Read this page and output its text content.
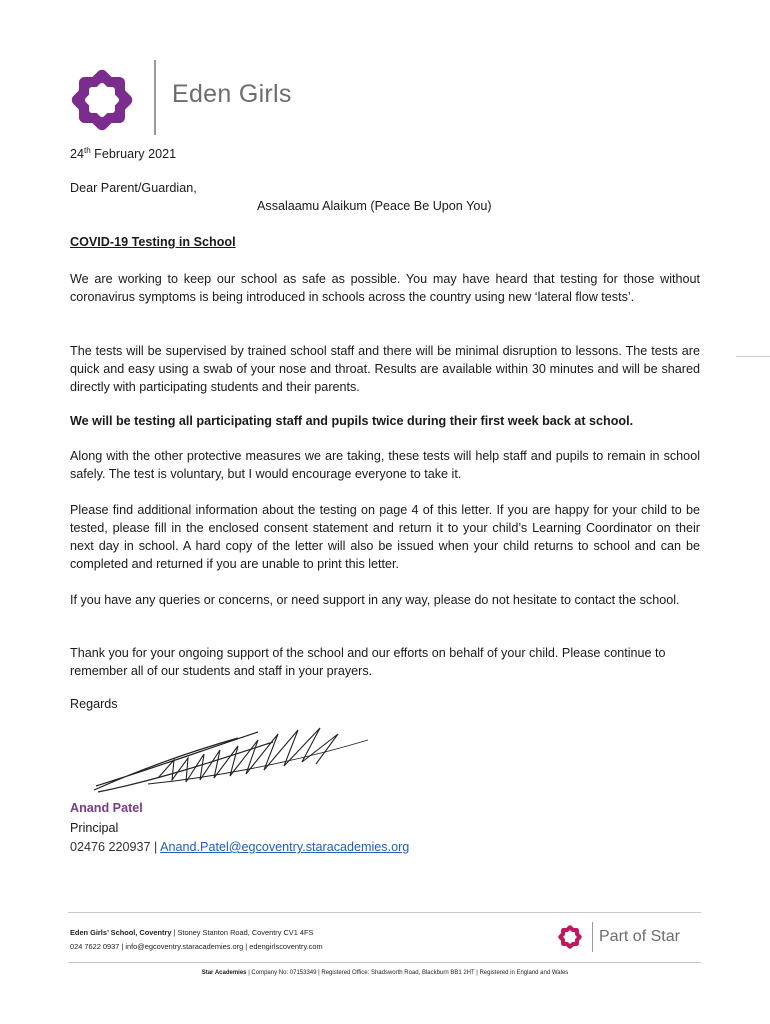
Eden Girls
24th February 2021
Dear Parent/Guardian,
Assalaamu Alaikum (Peace Be Upon You)
COVID-19 Testing in School

We are working to keep our school as safe as possible. You may have heard that testing for those without coronavirus symptoms is being introduced in schools across the country using new ‘lateral flow tests’.

The tests will be supervised by trained school staff and there will be minimal disruption to lessons. The tests are quick and easy using a swab of your nose and throat. Results are available within 30 minutes and will be shared directly with participating students and their parents.

We will be testing all participating staff and pupils twice during their first week back at school.

Along with the other protective measures we are taking, these tests will help staff and pupils to remain in school safely. The test is voluntary, but I would encourage everyone to take it.

Please find additional information about the testing on page 4 of this letter. If you are happy for your child to be tested, please fill in the enclosed consent statement and return it to your child’s Learning Coordinator on their next day in school. A hard copy of the letter will also be issued when your child returns to school and can be completed and returned if you are unable to print this letter.

If you have any queries or concerns, or need support in any way, please do not hesitate to contact the school.

Thank you for your ongoing support of the school and our efforts on behalf of your child. Please continue to remember all of our students and staff in your prayers.

Regards
Anand Patel
Principal
02476 220937 | Anand.Patel@egcoventry.staracademies.org
Eden Girls’ School, Coventry | Stoney Stanton Road, Coventry CV1 4FS
024 7622 0937 | info@egcoventry.staracademies.org | edengirlscoventry.com
Part of Star
Star Academies | Company No: 07153349 | Registered Office: Shadsworth Road, Blackburn BB1 2HT | Registered in England and Wales
